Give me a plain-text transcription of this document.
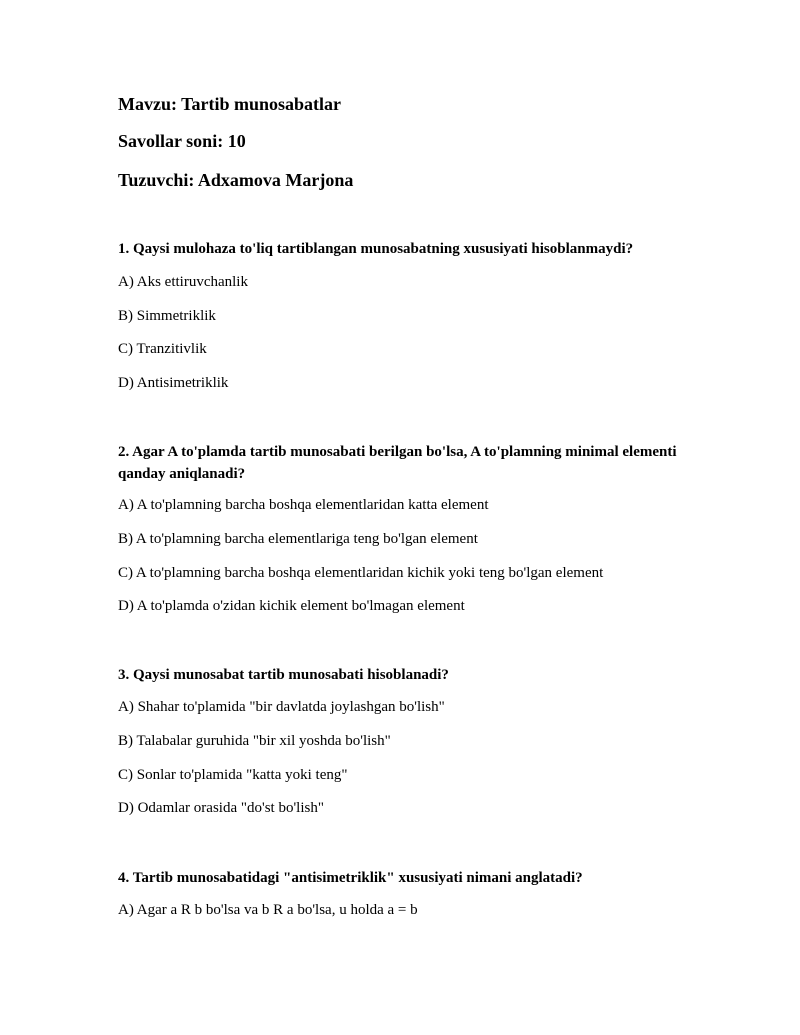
Mavzu: Tartib munosabatlar

Savollar soni: 10

Tuzuvchi: Adxamova Marjona

1. Qaysi mulohaza to'liq tartiblangan munosabatning xususiyati hisoblanmaydi?

A) Aks ettiruvchanlik

B) Simmetriklik

C) Tranzitivlik

D) Antisimetriklik

2. Agar A to'plamda tartib munosabati berilgan bo'lsa, A to'plamning minimal elementi qanday aniqlanadi?

A) A to'plamning barcha boshqa elementlaridan katta element

B) A to'plamning barcha elementlariga teng bo'lgan element

C) A to'plamning barcha boshqa elementlaridan kichik yoki teng bo'lgan element

D) A to'plamda o'zidan kichik element bo'lmagan element

3. Qaysi munosabat tartib munosabati hisoblanadi?

A) Shahar to'plamida "bir davlatda joylashgan bo'lish"

B) Talabalar guruhida "bir xil yoshda bo'lish"

C) Sonlar to'plamida "katta yoki teng"

D) Odamlar orasida "do'st bo'lish"

4. Tartib munosabatidagi "antisimetriklik" xususiyati nimani anglatadi?

A) Agar a R b bo'lsa va b R a bo'lsa, u holda a = b
